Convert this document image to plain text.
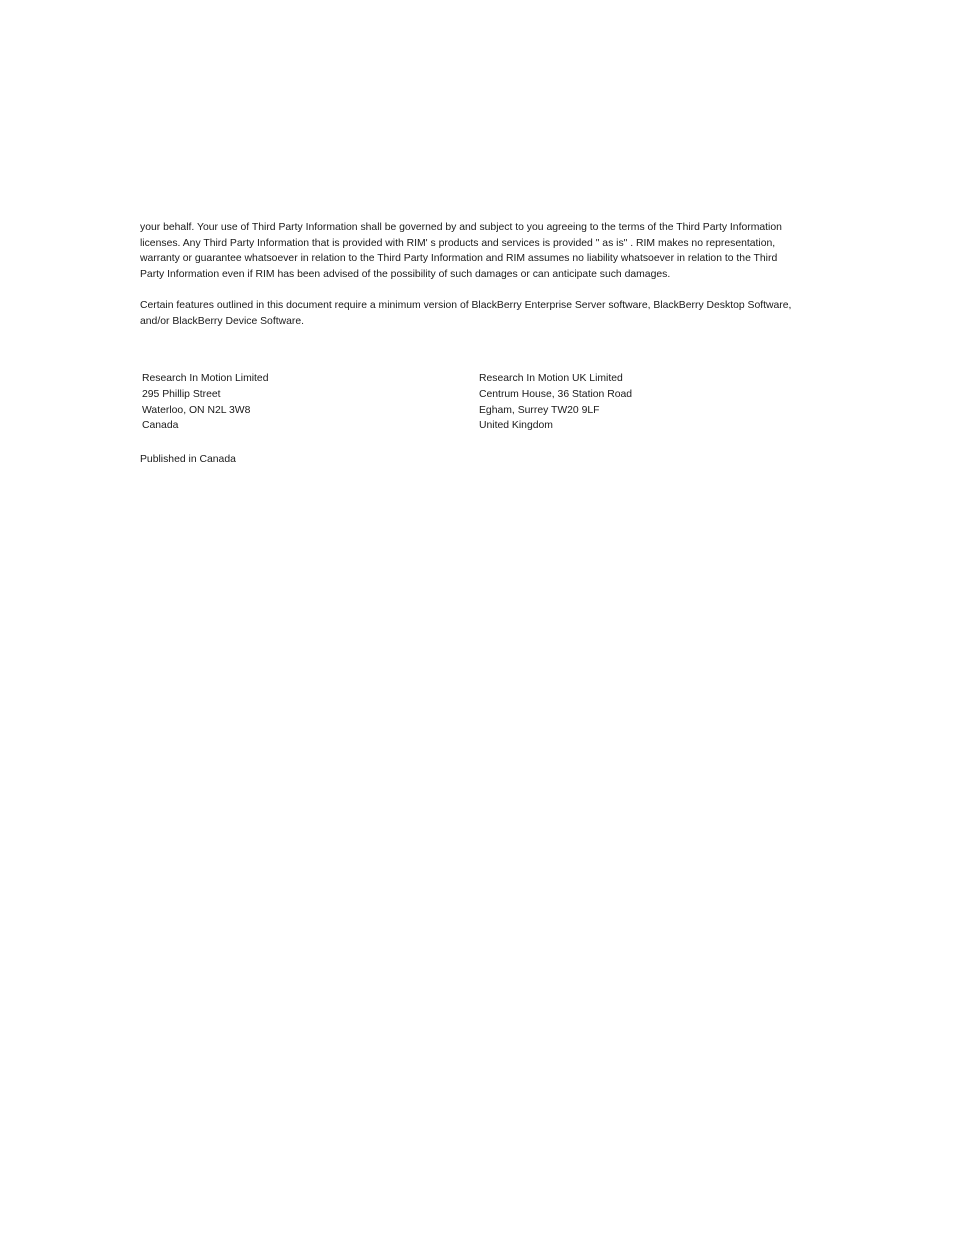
your behalf. Your use of Third Party Information shall be governed by and subject to you agreeing to the terms of the Third Party Information
licenses. Any Third Party Information that is provided with RIM' s products and services is provided " as is" . RIM makes no representation,
warranty or guarantee whatsoever in relation to the Third Party Information and RIM assumes no liability whatsoever in relation to the Third
Party Information even if RIM has been advised of the possibility of such damages or can anticipate such damages.

Certain features outlined in this document require a minimum version of BlackBerry Enterprise Server software, BlackBerry Desktop Software,
and/or BlackBerry Device Software.

Research In Motion Limited
295 Phillip Street
Waterloo, ON N2L 3W8
Canada
Research In Motion UK Limited
Centrum House, 36 Station Road
Egham, Surrey TW20 9LF
United Kingdom

Published in Canada
